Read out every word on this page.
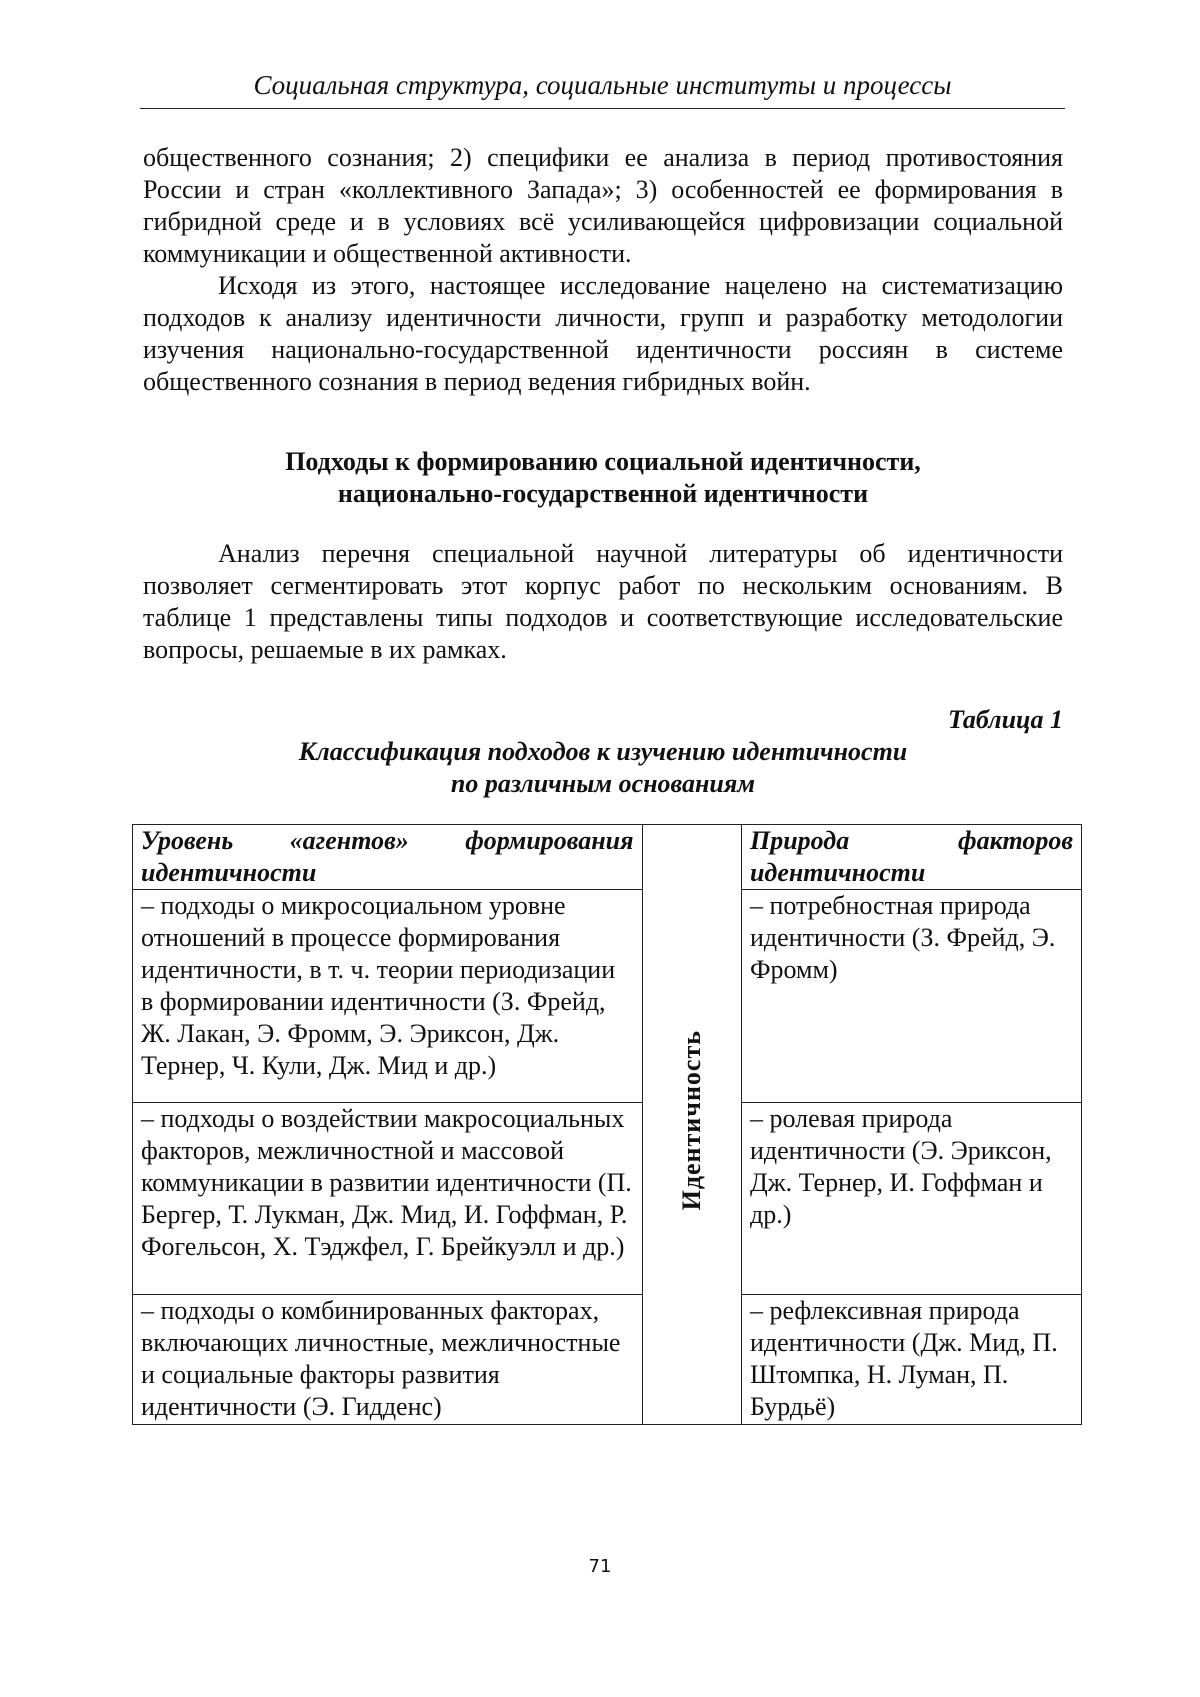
Социальная структура, социальные институты и процессы

общественного сознания; 2) специфики ее анализа в период противостояния России и стран «коллективного Запада»; 3) особенностей ее формирования в гибридной среде и в условиях всё усиливающейся цифровизации социальной коммуникации и общественной активности.

Исходя из этого, настоящее исследование нацелено на систематизацию подходов к анализу идентичности личности, групп и разработку методологии изучения национально-государственной идентичности россиян в системе общественного сознания в период ведения гибридных войн.

Подходы к формированию социальной идентичности,
национально-государственной идентичности

Анализ перечня специальной научной литературы об идентичности позволяет сегментировать этот корпус работ по нескольким основаниям. В таблице 1 представлены типы подходов и соответствующие исследовательские вопросы, решаемые в их рамках.

Таблица 1
Классификация подходов к изучению идентичности
по различным основаниям
Уровень «агентов» формирования идентичности	Идентичность	Природа факторов идентичности
– подходы о микросоциальном уровне отношений в процессе формирования идентичности, в т. ч. теории периодизации в формировании идентичности (З. Фрейд, Ж. Лакан, Э. Фромм, Э. Эриксон, Дж. Тернер, Ч. Кули, Дж. Мид и др.)		– потребностная природа идентичности (З. Фрейд, Э. Фромм)
– подходы о воздействии макросоциальных факторов, межличностной и массовой коммуникации в развитии идентичности (П. Бергер, Т. Лукман, Дж. Мид, И. Гоффман, Р. Фогельсон, Х. Тэджфел, Г. Брейкуэлл и др.)		– ролевая природа идентичности (Э. Эриксон, Дж. Тернер, И. Гоффман и др.)
– подходы о комбинированных факторах, включающих личностные, межличностные и социальные факторы развития идентичности (Э. Гидденс)		– рефлексивная природа идентичности (Дж. Мид, П. Штомпка, Н. Луман, П. Бурдьё)
71
